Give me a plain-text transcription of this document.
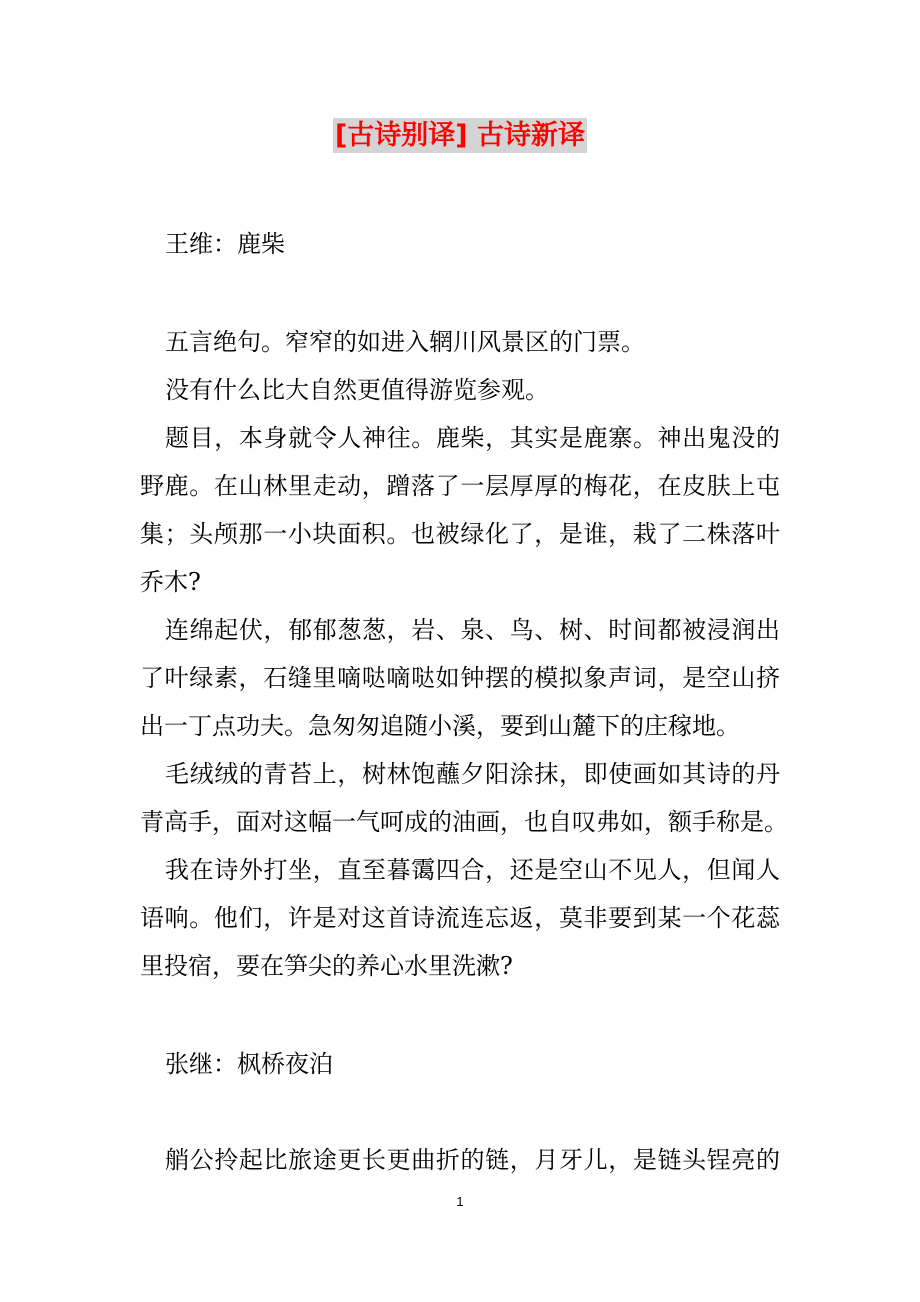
[古诗别译] 古诗新译
王维：鹿柴
五言绝句。窄窄的如进入辋川风景区的门票。
没有什么比大自然更值得游览参观。
题目，本身就令人神往。鹿柴，其实是鹿寨。神出鬼没的
野鹿。在山林里走动，蹭落了一层厚厚的梅花，在皮肤上屯
集；头颅那一小块面积。也被绿化了，是谁，栽了二株落叶
乔木?
连绵起伏，郁郁葱葱，岩、泉、鸟、树、时间都被浸润出
了叶绿素，石缝里嘀哒嘀哒如钟摆的模拟象声词，是空山挤
出一丁点功夫。急匆匆追随小溪，要到山麓下的庄稼地。
毛绒绒的青苔上，树林饱蘸夕阳涂抹，即使画如其诗的丹
青高手，面对这幅一气呵成的油画，也自叹弗如，额手称是。
我在诗外打坐，直至暮霭四合，还是空山不见人，但闻人
语响。他们，许是对这首诗流连忘返，莫非要到某一个花蕊
里投宿，要在笋尖的养心水里洗漱?
张继：枫桥夜泊
艄公拎起比旅途更长更曲折的链，月牙儿，是链头锃亮的
1
